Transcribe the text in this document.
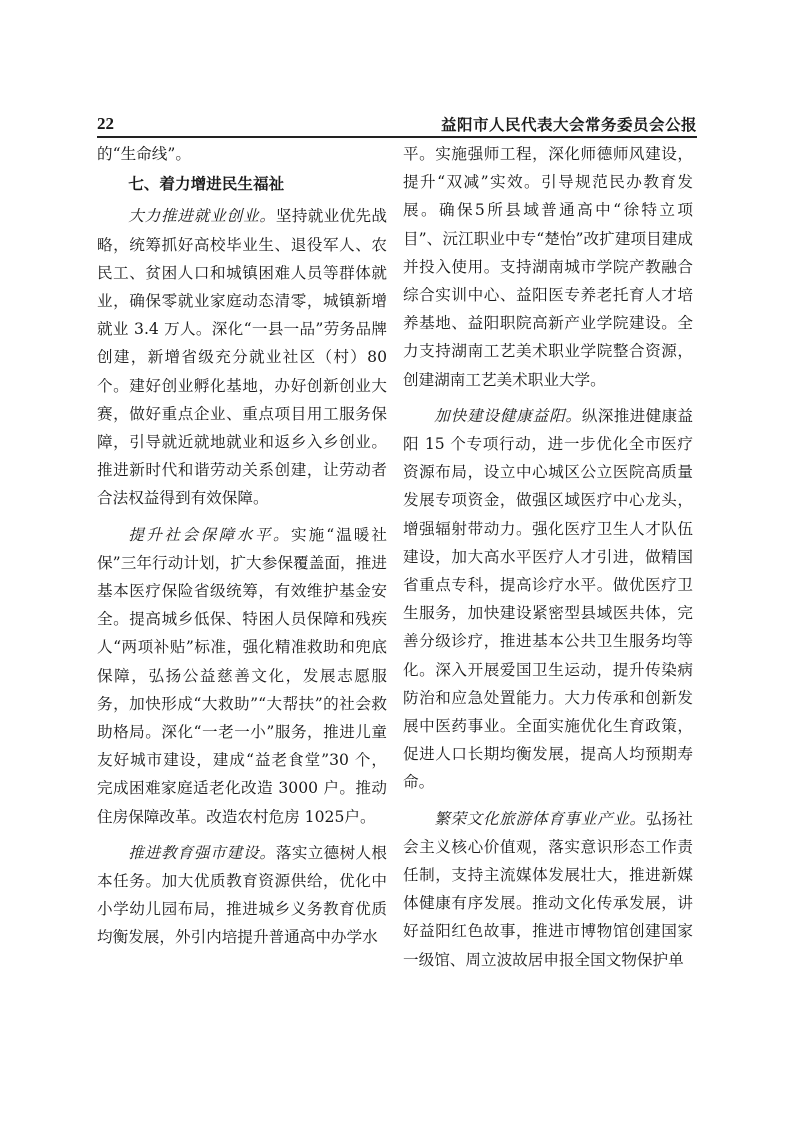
22	益阳市人民代表大会常务委员会公报

的“生命线”。

七、着力增进民生福祉

大力推进就业创业。坚持就业优先战略，统筹抓好高校毕业生、退役军人、农民工、贫困人口和城镇困难人员等群体就业，确保零就业家庭动态清零，城镇新增就业 3.4 万人。深化“一县一品”劳务品牌创建，新增省级充分就业社区（村）80个。建好创业孵化基地，办好创新创业大赛，做好重点企业、重点项目用工服务保障，引导就近就地就业和返乡入乡创业。推进新时代和谐劳动关系创建，让劳动者合法权益得到有效保障。

提升社会保障水平。实施“温暖社保”三年行动计划，扩大参保覆盖面，推进基本医疗保险省级统筹，有效维护基金安全。提高城乡低保、特困人员保障和残疾人“两项补贴”标准，强化精准救助和兜底保障，弘扬公益慈善文化，发展志愿服务，加快形成“大救助”“大帮扶”的社会救助格局。深化“一老一小”服务，推进儿童友好城市建设，建成“益老食堂”30 个，完成困难家庭适老化改造 3000 户。推动住房保障改革。改造农村危房 1025户。

推进教育强市建设。落实立德树人根本任务。加大优质教育资源供给，优化中小学幼儿园布局，推进城乡义务教育优质均衡发展，外引内培提升普通高中办学水

平。实施强师工程，深化师德师风建设，提升“双减”实效。引导规范民办教育发展。确保5所县域普通高中“徐特立项目”、沅江职业中专“楚怡”改扩建项目建成并投入使用。支持湖南城市学院产教融合综合实训中心、益阳医专养老托育人才培养基地、益阳职院高新产业学院建设。全力支持湖南工艺美术职业学院整合资源，创建湖南工艺美术职业大学。

加快建设健康益阳。纵深推进健康益阳 15 个专项行动，进一步优化全市医疗资源布局，设立中心城区公立医院高质量发展专项资金，做强区域医疗中心龙头，增强辐射带动力。强化医疗卫生人才队伍建设，加大高水平医疗人才引进，做精国省重点专科，提高诊疗水平。做优医疗卫生服务，加快建设紧密型县域医共体，完善分级诊疗，推进基本公共卫生服务均等化。深入开展爱国卫生运动，提升传染病防治和应急处置能力。大力传承和创新发展中医药事业。全面实施优化生育政策，促进人口长期均衡发展，提高人均预期寿命。

繁荣文化旅游体育事业产业。弘扬社会主义核心价值观，落实意识形态工作责任制，支持主流媒体发展壮大，推进新媒体健康有序发展。推动文化传承发展，讲好益阳红色故事，推进市博物馆创建国家一级馆、周立波故居申报全国文物保护单
